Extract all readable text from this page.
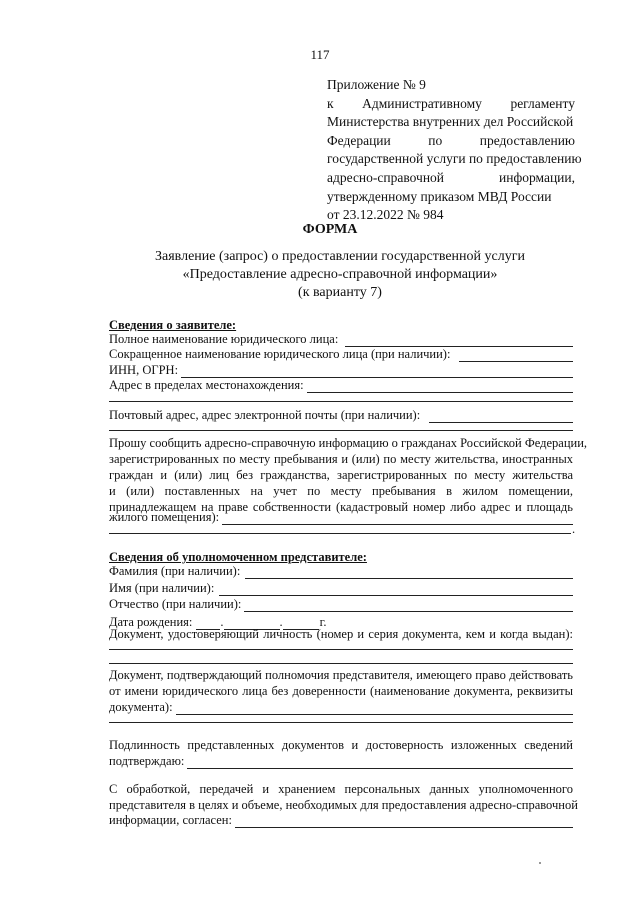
117
Приложение № 9
к Административному регламенту
Министерства внутренних дел Российской
Федерации по предоставлению
государственной услуги по предоставлению
адресно-справочной информации,
утвержденному приказом МВД России
от 23.12.2022 № 984
ФОРМА
Заявление (запрос) о предоставлении государственной услуги
«Предоставление адресно-справочной информации»
(к варианту 7)
Сведения о заявителе:
Полное наименование юридического лица:
Сокращенное наименование юридического лица (при наличии):
ИНН, ОГРН:
Адрес в пределах местонахождения:
Почтовый адрес, адрес электронной почты (при наличии):
Прошу сообщить адресно-справочную информацию о гражданах Российской Федерации,
зарегистрированных по месту пребывания и (или) по месту жительства, иностранных
граждан и (или) лиц без гражданства, зарегистрированных по месту жительства
и (или) поставленных на учет по месту пребывания в жилом помещении,
принадлежащем на праве собственности (кадастровый номер либо адрес и площадь
жилого помещения):
.
Сведения об уполномоченном представителе:
Фамилия (при наличии):
Имя (при наличии):
Отчество (при наличии):
Дата рождения:	.	.	г.
Документ, удостоверяющий личность (номер и серия документа, кем и когда выдан):
Документ, подтверждающий полномочия представителя, имеющего право действовать
от имени юридического лица без доверенности (наименование документа, реквизиты
документа):
Подлинность представленных документов и достоверность изложенных сведений
подтверждаю:
С обработкой, передачей и хранением персональных данных уполномоченного
представителя в целях и объеме, необходимых для предоставления адресно-справочной
информации, согласен:
